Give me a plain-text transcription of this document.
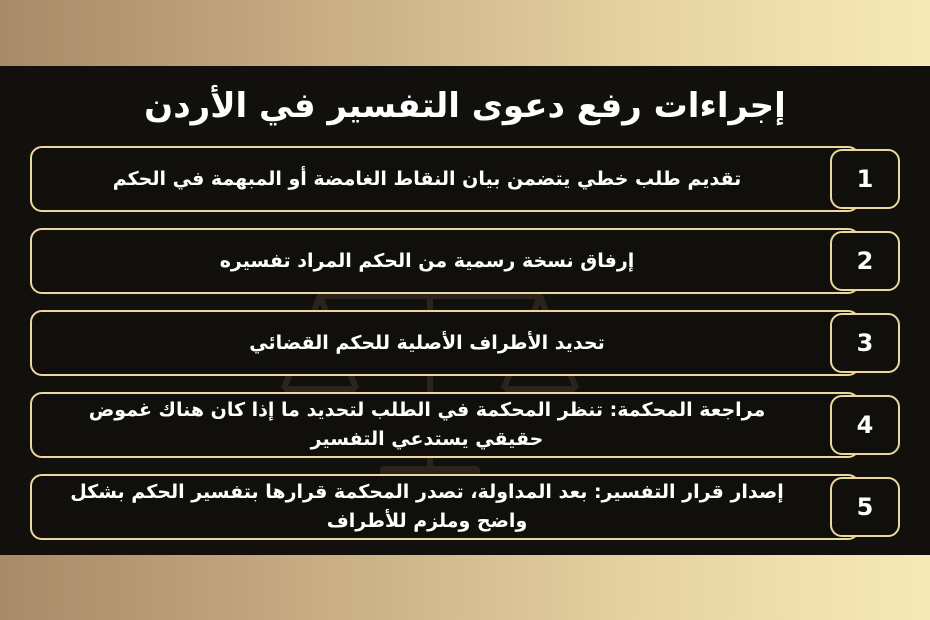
إجراءات رفع دعوى التفسير في الأردن
تقديم طلب خطي يتضمن بيان النقاط الغامضة أو المبهمة في الحكم	1
إرفاق نسخة رسمية من الحكم المراد تفسيره	2
تحديد الأطراف الأصلية للحكم القضائي	3
مراجعة المحكمة: تنظر المحكمة في الطلب لتحديد ما إذا كان هناك غموض حقيقي يستدعي التفسير	4
إصدار قرار التفسير: بعد المداولة، تصدر المحكمة قرارها بتفسير الحكم بشكل واضح وملزم للأطراف	5
